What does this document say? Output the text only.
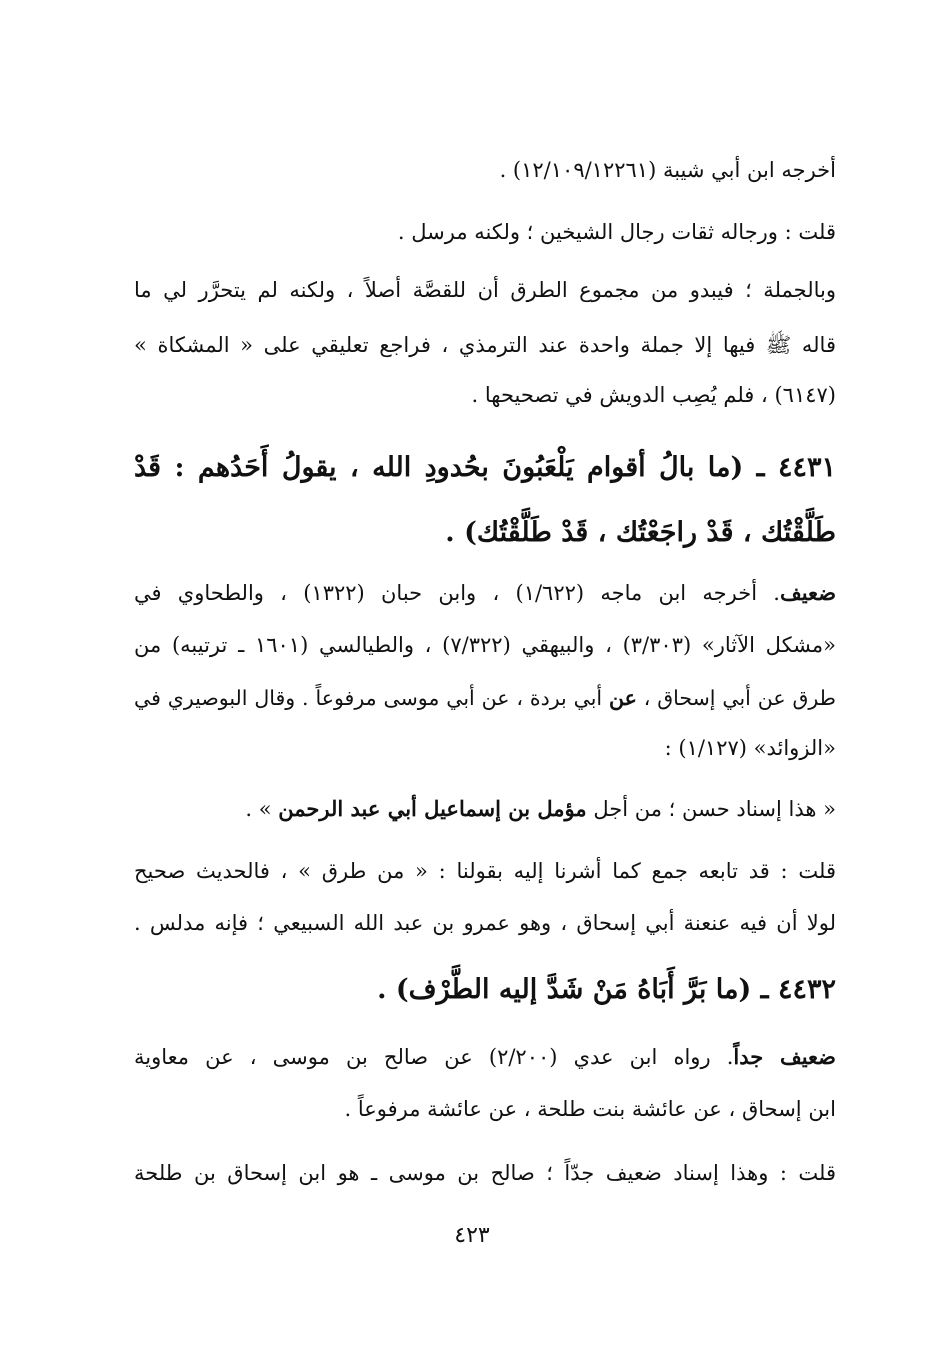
أخرجه ابن أبي شيبة (١٢/١٠٩/١٢٢٦١) .
قلت : ورجاله ثقات رجال الشيخين ؛ ولكنه مرسل .
وبالجملة ؛ فيبدو من مجموع الطرق أن للقصَّة أصلاً ، ولكنه لم يتحرَّر لي ما
قاله ﷺ فيها إلا جملة واحدة عند الترمذي ، فراجع تعليقي على « المشكاة »
(٦١٤٧) ، فلم يُصِب الدويش في تصحيحها .
٤٤٣١ ـ (ما بالُ أقوام يَلْعَبُونَ بحُدودِ الله ، يقولُ أَحَدُهم : قَدْ
طَلَّقْتُك ، قَدْ راجَعْتُك ، قَدْ طَلَّقْتُك) .
ضعيف. أخرجه ابن ماجه (١/٦٢٢) ، وابن حبان (١٣٢٢) ، والطحاوي في
«مشكل الآثار» (٣/٣٠٣) ، والبيهقي (٧/٣٢٢) ، والطيالسي (١٦٠١ ـ ترتيبه) من
طرق عن أبي إسحاق ، عن أبي بردة ، عن أبي موسى مرفوعاً . وقال البوصيري في
«الزوائد» (١/١٢٧) :
« هذا إسناد حسن ؛ من أجل مؤمل بن إسماعيل أبي عبد الرحمن » .
قلت : قد تابعه جمع كما أشرنا إليه بقولنا : « من طرق » ، فالحديث صحيح
لولا أن فيه عنعنة أبي إسحاق ، وهو عمرو بن عبد الله السبيعي ؛ فإنه مدلس .
٤٤٣٢ ـ (ما بَرَّ أَبَاهُ مَنْ شَدَّ إليه الطَّرْف) .
ضعيف جداً. رواه ابن عدي (٢/٢٠٠) عن صالح بن موسى ، عن معاوية
ابن إسحاق ، عن عائشة بنت طلحة ، عن عائشة مرفوعاً .
قلت : وهذا إسناد ضعيف جدّاً ؛ صالح بن موسى ـ هو ابن إسحاق بن طلحة
٤٢٣
